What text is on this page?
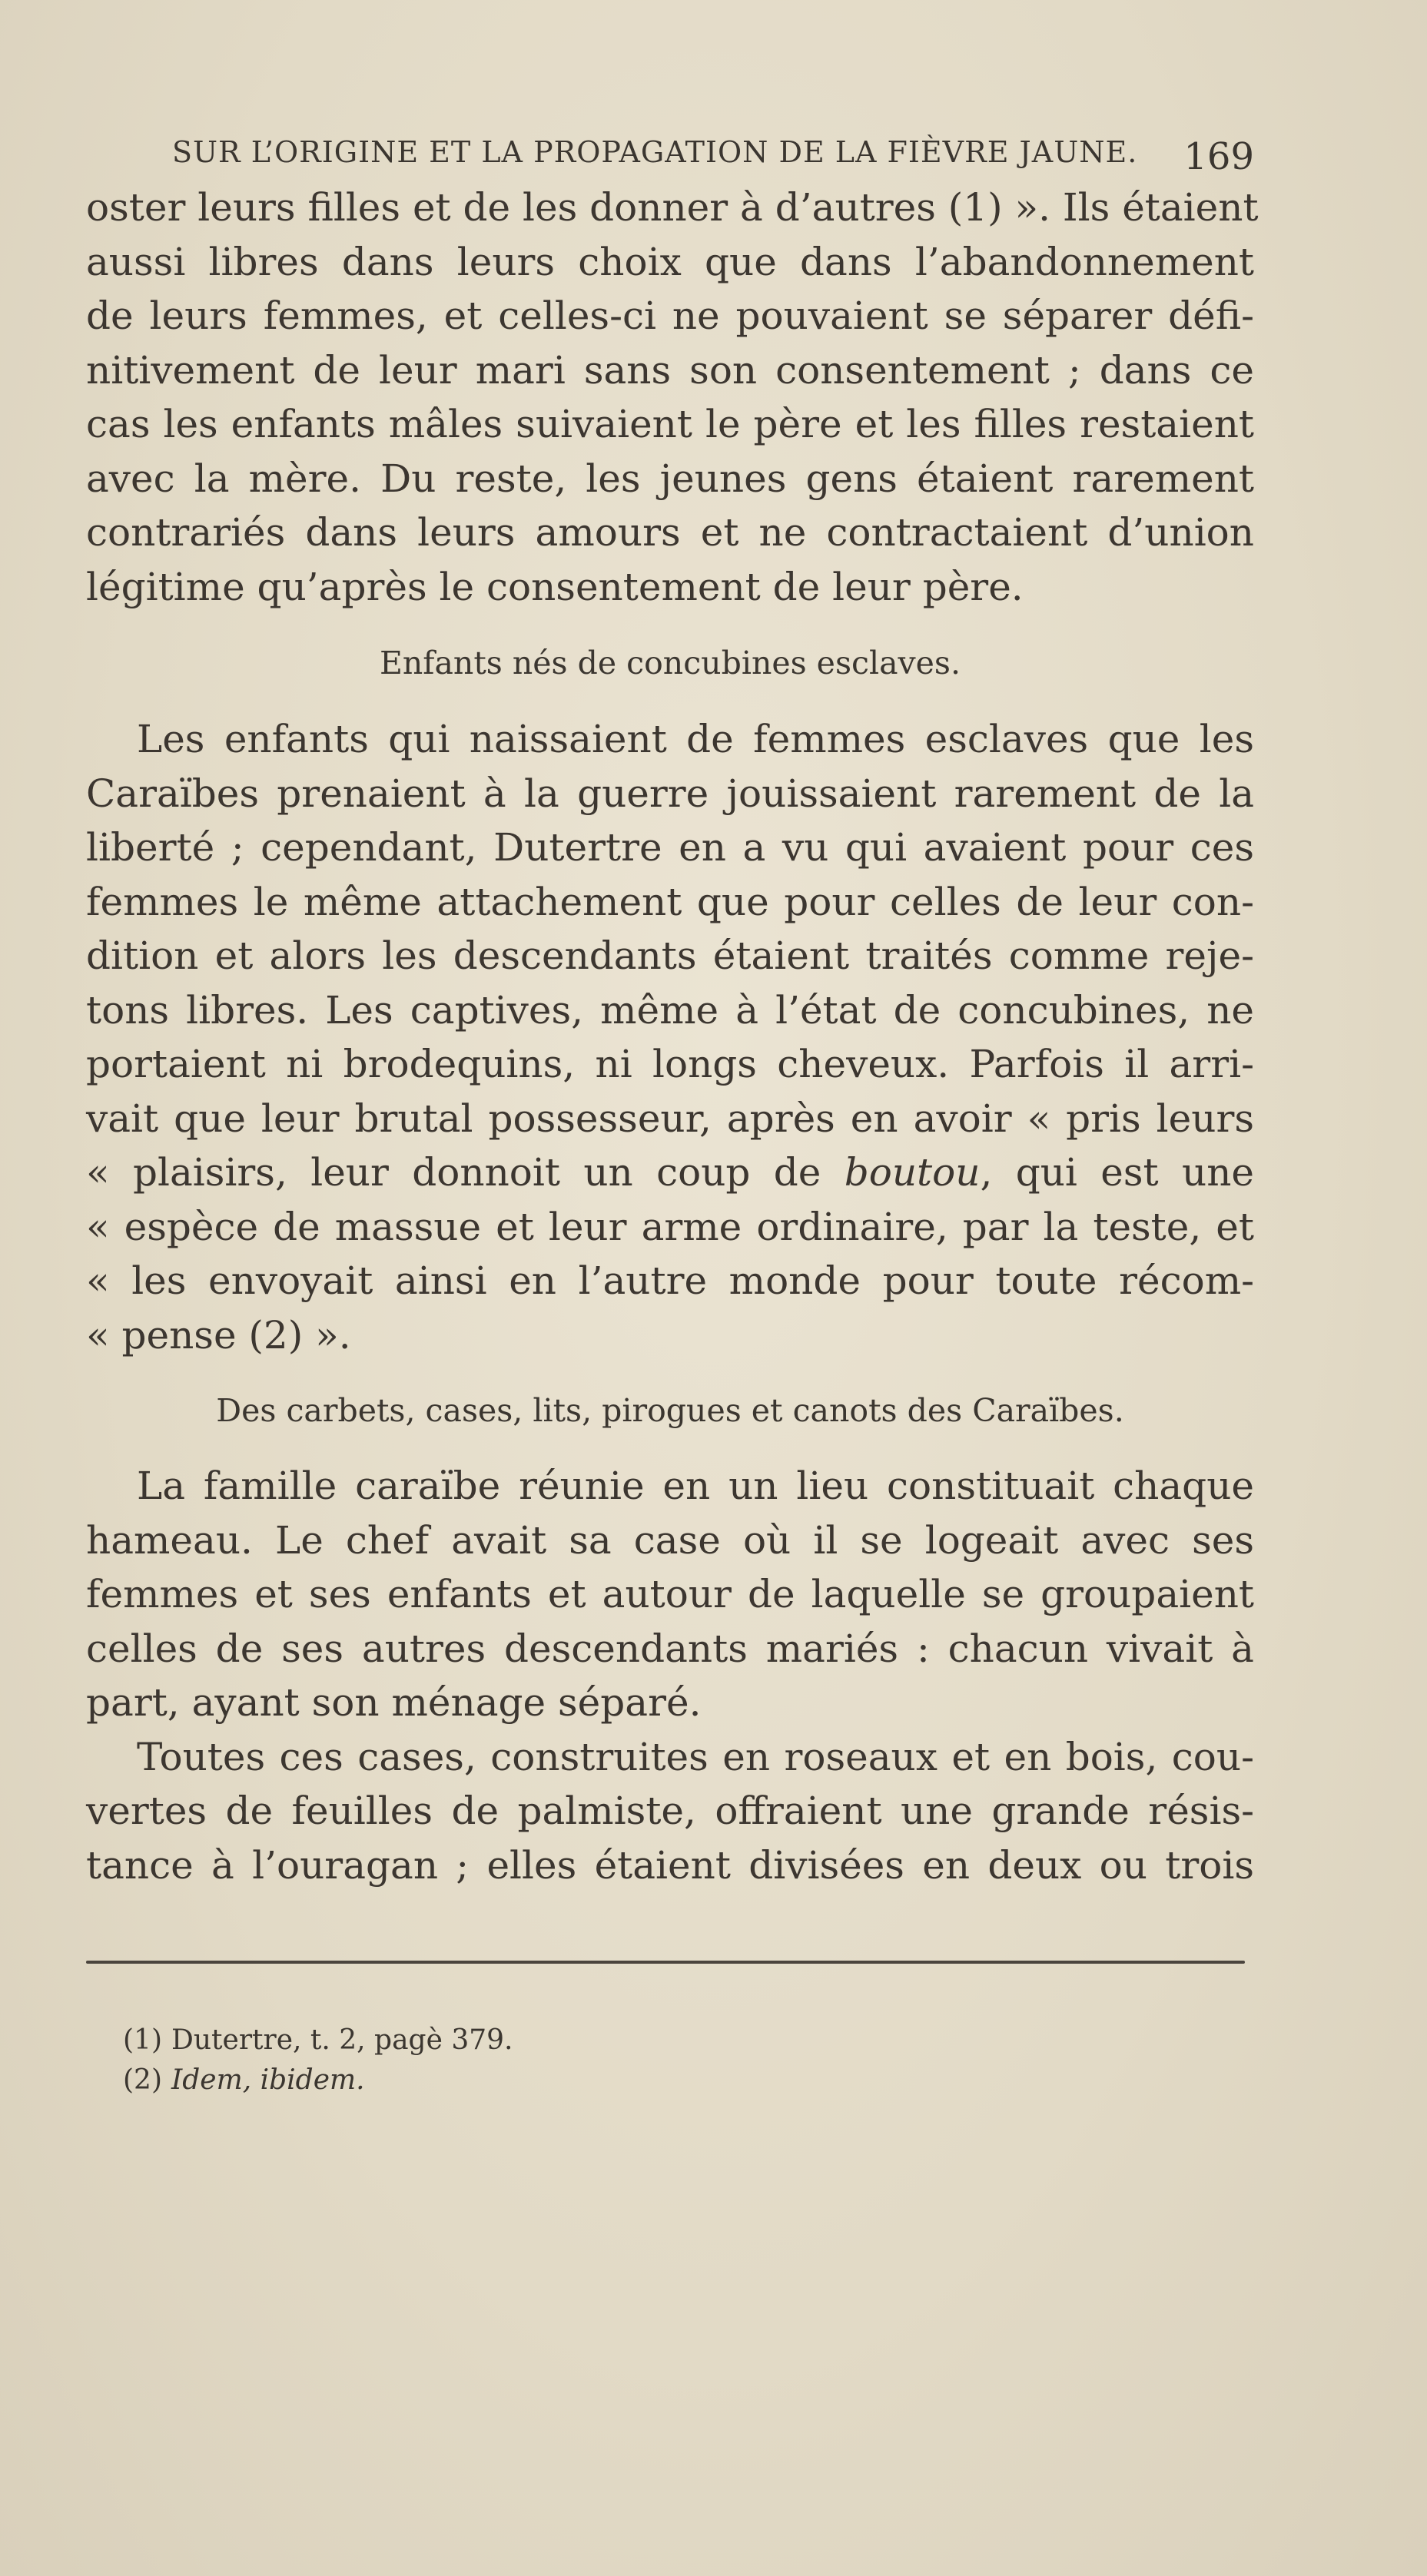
SUR L’ORIGINE ET LA PROPAGATION DE LA FIÈVRE JAUNE. 169
oster leurs filles et de les donner à d’autres (1) ». Ils étaient
aussi libres dans leurs choix que dans l’abandonnement
de leurs femmes, et celles-ci ne pouvaient se séparer défi-
nitivement de leur mari sans son consentement ; dans ce
cas les enfants mâles suivaient le père et les filles restaient
avec la mère. Du reste, les jeunes gens étaient rarement
contrariés dans leurs amours et ne contractaient d’union
légitime qu’après le consentement de leur père.
Enfants nés de concubines esclaves.
Les enfants qui naissaient de femmes esclaves que les
Caraïbes prenaient à la guerre jouissaient rarement de la
liberté ; cependant, Dutertre en a vu qui avaient pour ces
femmes le même attachement que pour celles de leur con-
dition et alors les descendants étaient traités comme reje-
tons libres. Les captives, même à l’état de concubines, ne
portaient ni brodequins, ni longs cheveux. Parfois il arri-
vait que leur brutal possesseur, après en avoir « pris leurs
« plaisirs, leur donnoit un coup de boutou, qui est une
« espèce de massue et leur arme ordinaire, par la teste, et
« les envoyait ainsi en l’autre monde pour toute récom-
« pense (2) ».
Des carbets, cases, lits, pirogues et canots des Caraïbes.
La famille caraïbe réunie en un lieu constituait chaque
hameau. Le chef avait sa case où il se logeait avec ses
femmes et ses enfants et autour de laquelle se groupaient
celles de ses autres descendants mariés : chacun vivait à
part, ayant son ménage séparé.
Toutes ces cases, construites en roseaux et en bois, cou-
vertes de feuilles de palmiste, offraient une grande résis-
tance à l’ouragan ; elles étaient divisées en deux ou trois
(1) Dutertre, t. 2, pagè 379.
(2) Idem, ibidem.
